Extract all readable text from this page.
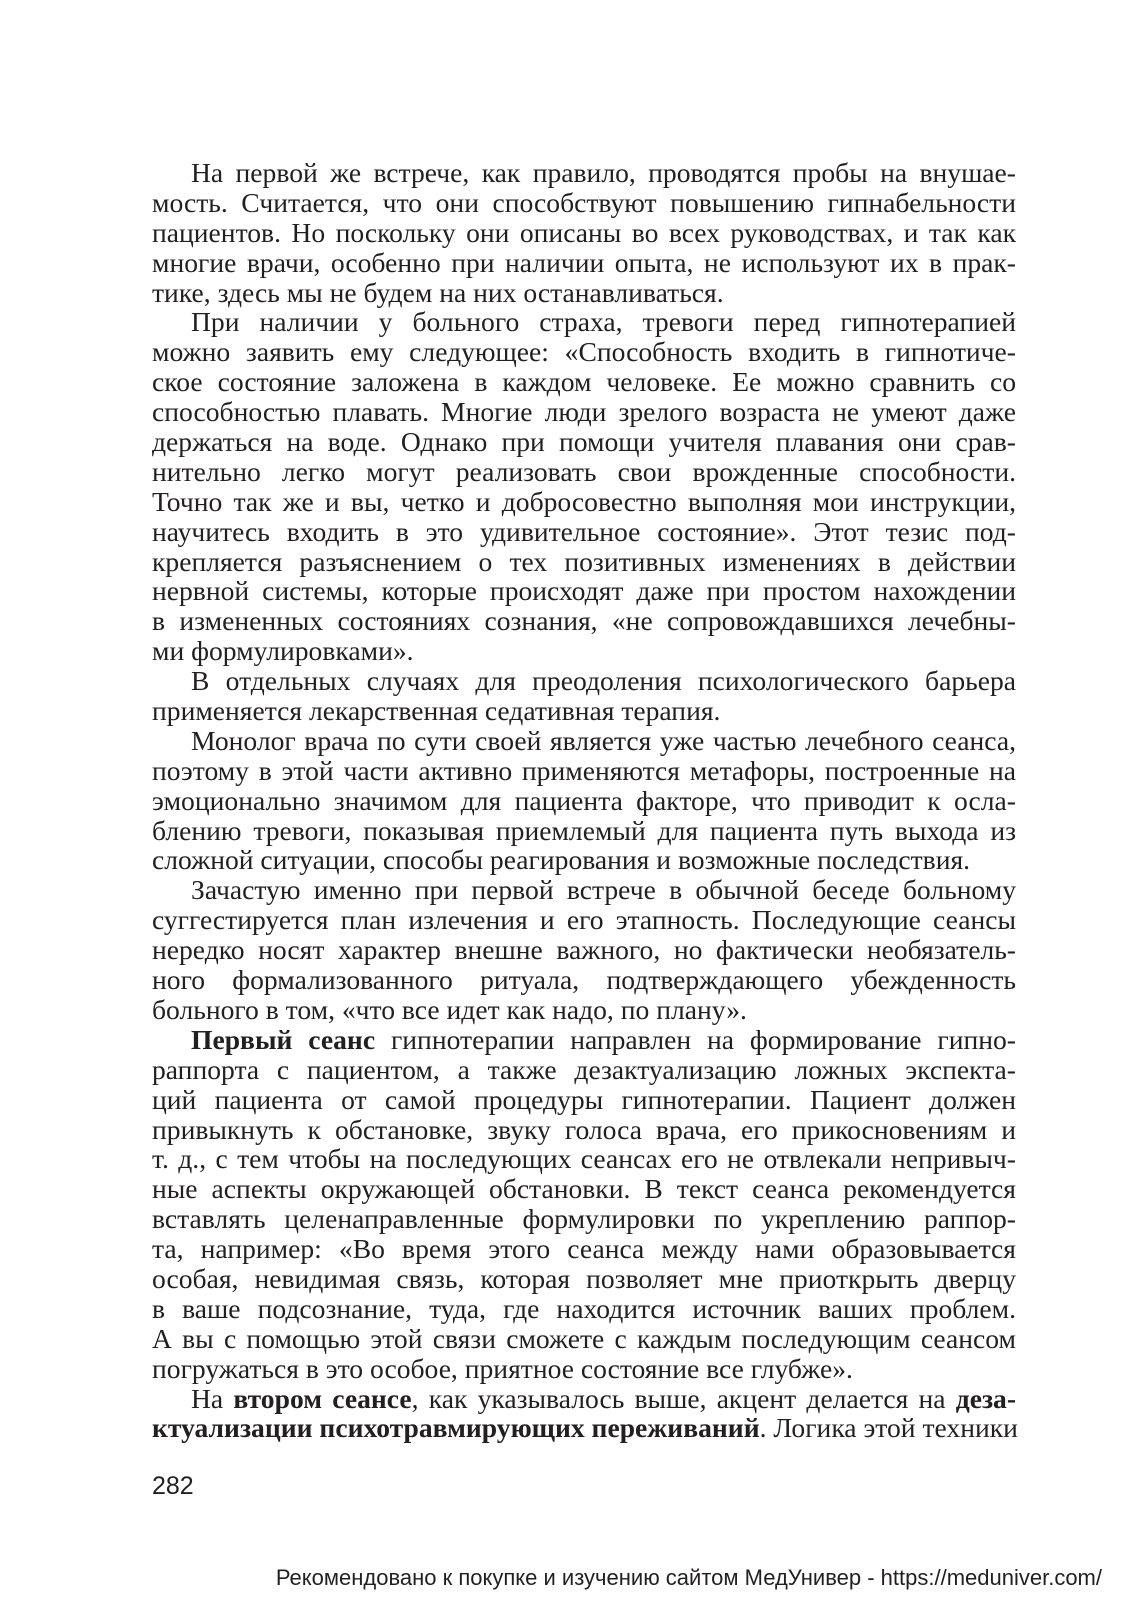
На первой же встрече, как правило, проводятся пробы на внушае-
мость. Считается, что они способствуют повышению гипнабельности
пациентов. Но поскольку они описаны во всех руководствах, и так как
многие врачи, особенно при наличии опыта, не используют их в прак-
тике, здесь мы не будем на них останавливаться.
При наличии у больного страха, тревоги перед гипнотерапией
можно заявить ему следующее: «Способность входить в гипнотиче-
ское состояние заложена в каждом человеке. Ее можно сравнить со
способностью плавать. Многие люди зрелого возраста не умеют даже
держаться на воде. Однако при помощи учителя плавания они срав-
нительно легко могут реализовать свои врожденные способности.
Точно так же и вы, четко и добросовестно выполняя мои инструкции,
научитесь входить в это удивительное состояние». Этот тезис под-
крепляется разъяснением о тех позитивных изменениях в действии
нервной системы, которые происходят даже при простом нахождении
в измененных состояниях сознания, «не сопровождавшихся лечебны-
ми формулировками».
В отдельных случаях для преодоления психологического барьера
применяется лекарственная седативная терапия.
Монолог врача по сути своей является уже частью лечебного сеанса,
поэтому в этой части активно применяются метафоры, построенные на
эмоционально значимом для пациента факторе, что приводит к осла-
блению тревоги, показывая приемлемый для пациента путь выхода из
сложной ситуации, способы реагирования и возможные последствия.
Зачастую именно при первой встрече в обычной беседе больному
суггестируется план излечения и его этапность. Последующие сеансы
нередко носят характер внешне важного, но фактически необязатель-
ного формализованного ритуала, подтверждающего убежденность
больного в том, «что все идет как надо, по плану».
Первый сеанс гипнотерапии направлен на формирование гипно-
раппорта с пациентом, а также дезактуализацию ложных экспекта-
ций пациента от самой процедуры гипнотерапии. Пациент должен
привыкнуть к обстановке, звуку голоса врача, его прикосновениям и
т. д., с тем чтобы на последующих сеансах его не отвлекали непривыч-
ные аспекты окружающей обстановки. В текст сеанса рекомендуется
вставлять целенаправленные формулировки по укреплению раппор-
та, например: «Во время этого сеанса между нами образовывается
особая, невидимая связь, которая позволяет мне приоткрыть дверцу
в ваше подсознание, туда, где находится источник ваших проблем.
А вы с помощью этой связи сможете с каждым последующим сеансом
погружаться в это особое, приятное состояние все глубже».
На втором сеансе, как указывалось выше, акцент делается на деза-
ктуализации психотравмирующих переживаний. Логика этой техники
282
Рекомендовано к покупке и изучению сайтом МедУнивер - https://meduniver.com/
